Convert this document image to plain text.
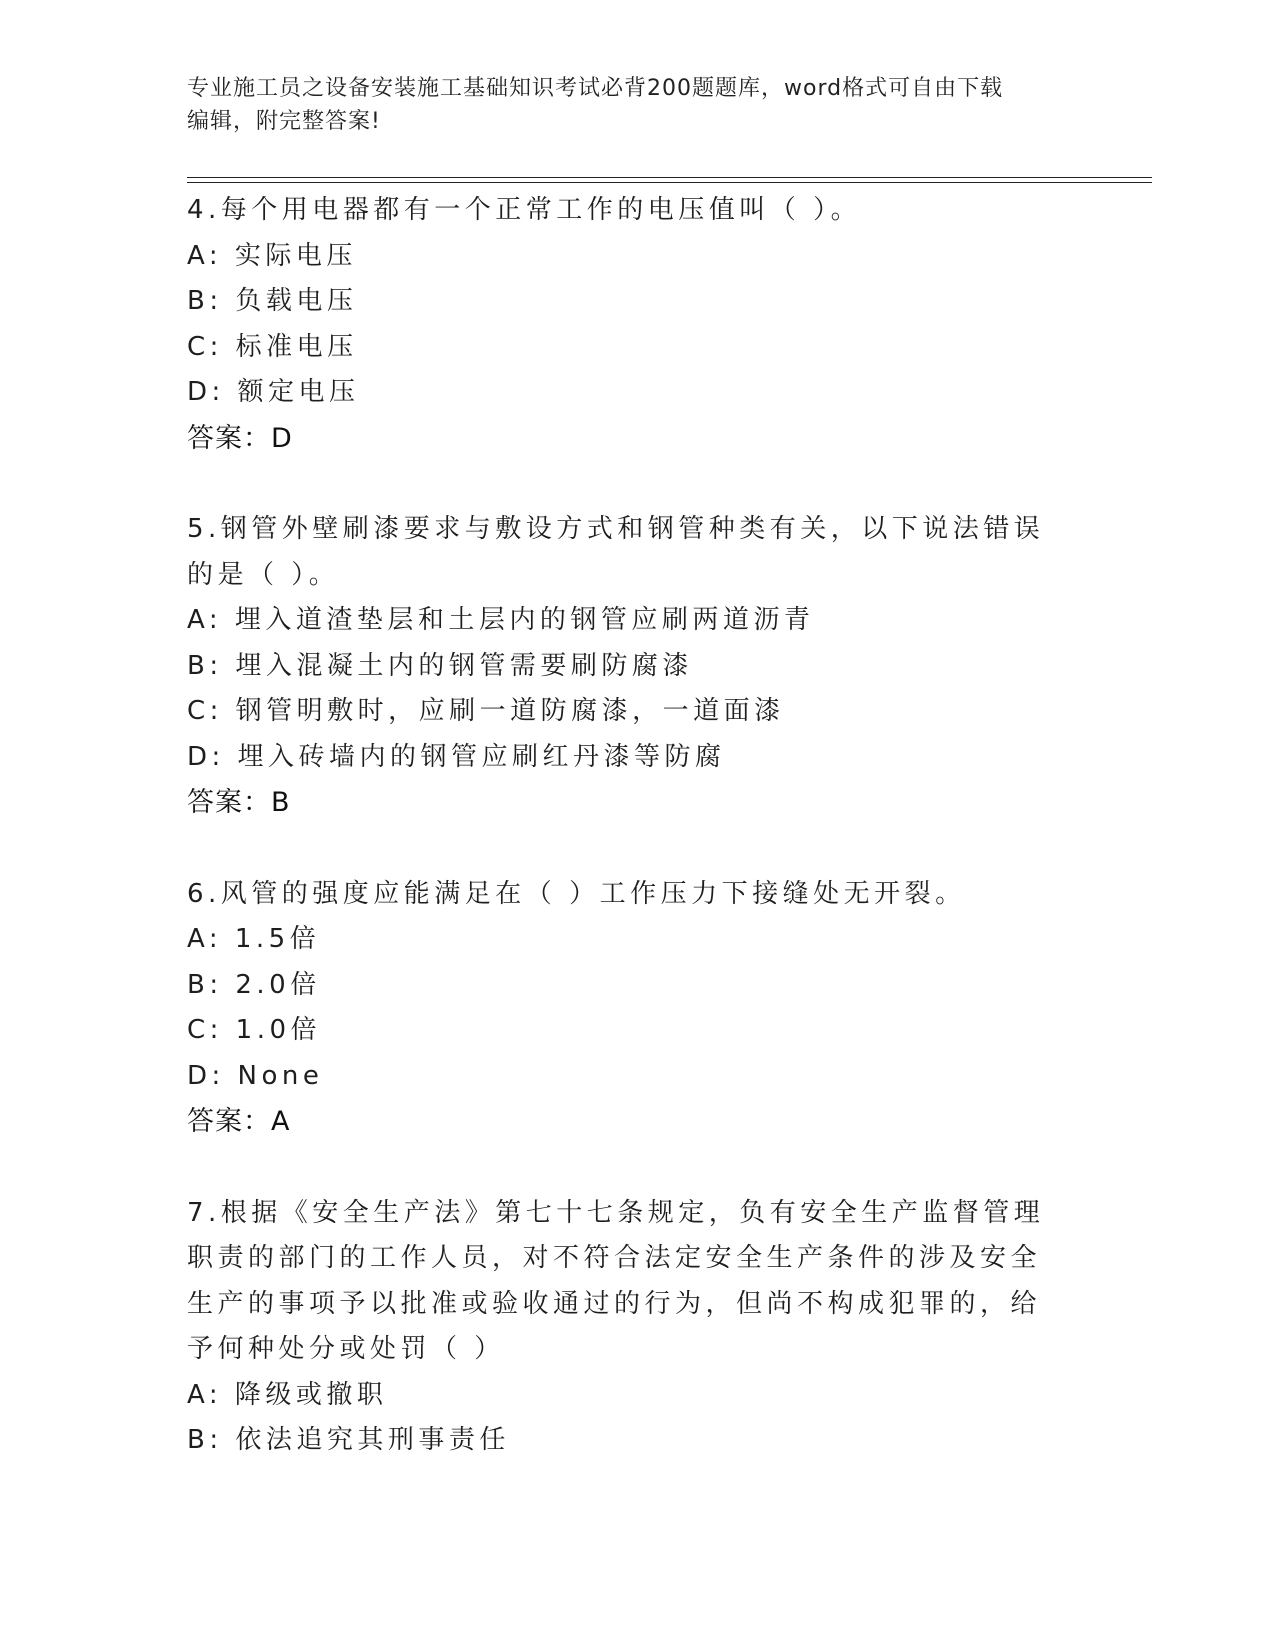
专业施工员之设备安装施工基础知识考试必背200题题库，word格式可自由下载
编辑，附完整答案!
4.每个用电器都有一个正常工作的电压值叫（ ）。
A: 实际电压
B: 负载电压
C: 标准电压
D: 额定电压
答案：D
5.钢管外壁刷漆要求与敷设方式和钢管种类有关，以下说法错误的是（ ）。
A: 埋入道渣垫层和土层内的钢管应刷两道沥青
B: 埋入混凝土内的钢管需要刷防腐漆
C: 钢管明敷时，应刷一道防腐漆，一道面漆
D: 埋入砖墙内的钢管应刷红丹漆等防腐
答案：B
6.风管的强度应能满足在（ ）工作压力下接缝处无开裂。
A: 1.5倍
B: 2.0倍
C: 1.0倍
D: None
答案：A
7.根据《安全生产法》第七十七条规定，负有安全生产监督管理职责的部门的工作人员，对不符合法定安全生产条件的涉及安全生产的事项予以批准或验收通过的行为，但尚不构成犯罪的，给予何种处分或处罚（ ）
A: 降级或撤职
B: 依法追究其刑事责任
